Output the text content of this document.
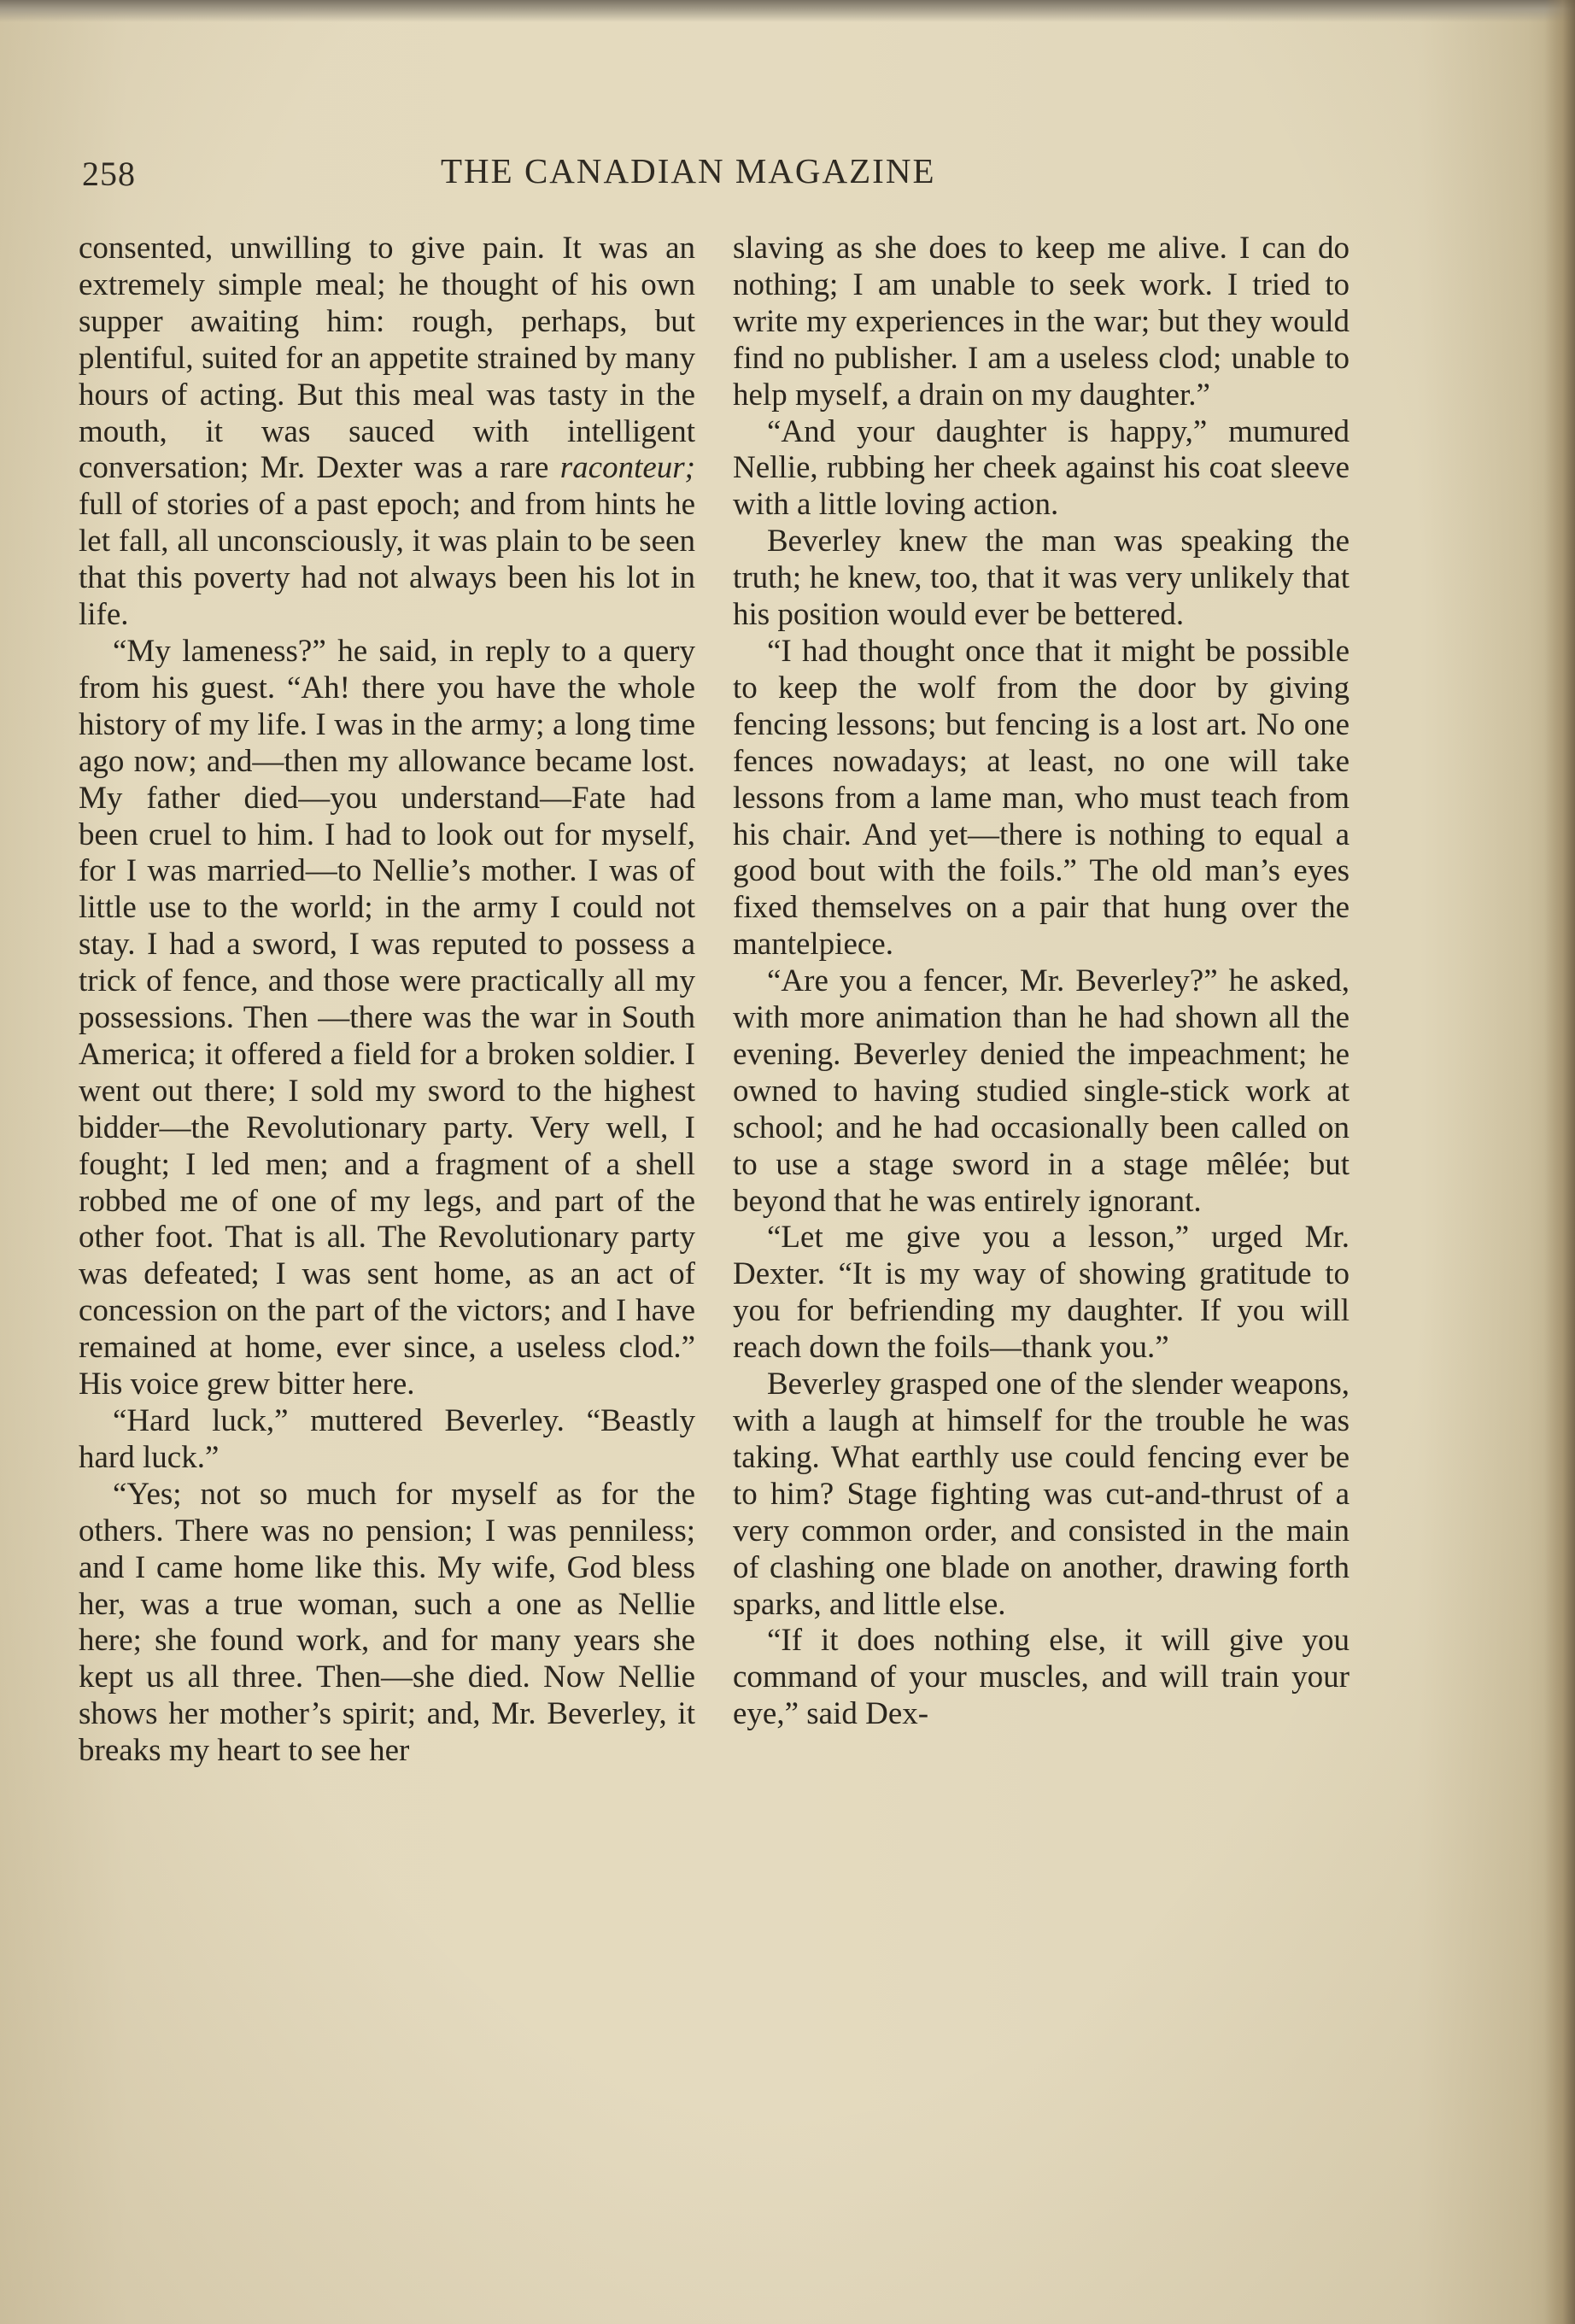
258	THE CANADIAN MAGAZINE

consented, unwilling to give pain. It was an extremely simple meal; he thought of his own supper awaiting him: rough, perhaps, but plentiful, suited for an appetite strained by many hours of acting. But this meal was tasty in the mouth, it was sauced with intelligent conversation; Mr. Dexter was a rare raconteur; full of stories of a past epoch; and from hints he let fall, all unconsciously, it was plain to be seen that this poverty had not always been his lot in life.

“My lameness?” he said, in reply to a query from his guest. “Ah! there you have the whole history of my life. I was in the army; a long time ago now; and—then my allowance became lost. My father died—you understand—Fate had been cruel to him. I had to look out for myself, for I was married—to Nellie’s mother. I was of little use to the world; in the army I could not stay. I had a sword, I was reputed to possess a trick of fence, and those were practically all my possessions. Then —there was the war in South America; it offered a field for a broken soldier. I went out there; I sold my sword to the highest bidder—the Revolutionary party. Very well, I fought; I led men; and a fragment of a shell robbed me of one of my legs, and part of the other foot. That is all. The Revolutionary party was defeated; I was sent home, as an act of concession on the part of the victors; and I have remained at home, ever since, a useless clod.” His voice grew bitter here.

“Hard luck,” muttered Beverley. “Beastly hard luck.”

“Yes; not so much for myself as for the others. There was no pension; I was penniless; and I came home like this. My wife, God bless her, was a true woman, such a one as Nellie here; she found work, and for many years she kept us all three. Then—she died. Now Nellie shows her mother’s spirit; and, Mr. Beverley, it breaks my heart to see her

slaving as she does to keep me alive. I can do nothing; I am unable to seek work. I tried to write my experiences in the war; but they would find no publisher. I am a useless clod; unable to help myself, a drain on my daughter.”

“And your daughter is happy,” mumured Nellie, rubbing her cheek against his coat sleeve with a little loving action.

Beverley knew the man was speaking the truth; he knew, too, that it was very unlikely that his position would ever be bettered.

“I had thought once that it might be possible to keep the wolf from the door by giving fencing lessons; but fencing is a lost art. No one fences nowadays; at least, no one will take lessons from a lame man, who must teach from his chair. And yet—there is nothing to equal a good bout with the foils.” The old man’s eyes fixed themselves on a pair that hung over the mantelpiece.

“Are you a fencer, Mr. Beverley?” he asked, with more animation than he had shown all the evening. Beverley denied the impeachment; he owned to having studied single-stick work at school; and he had occasionally been called on to use a stage sword in a stage mêlée; but beyond that he was entirely ignorant.

“Let me give you a lesson,” urged Mr. Dexter. “It is my way of showing gratitude to you for befriending my daughter. If you will reach down the foils—thank you.”

Beverley grasped one of the slender weapons, with a laugh at himself for the trouble he was taking. What earthly use could fencing ever be to him? Stage fighting was cut-and-thrust of a very common order, and consisted in the main of clashing one blade on another, drawing forth sparks, and little else.

“If it does nothing else, it will give you command of your muscles, and will train your eye,” said Dex-
